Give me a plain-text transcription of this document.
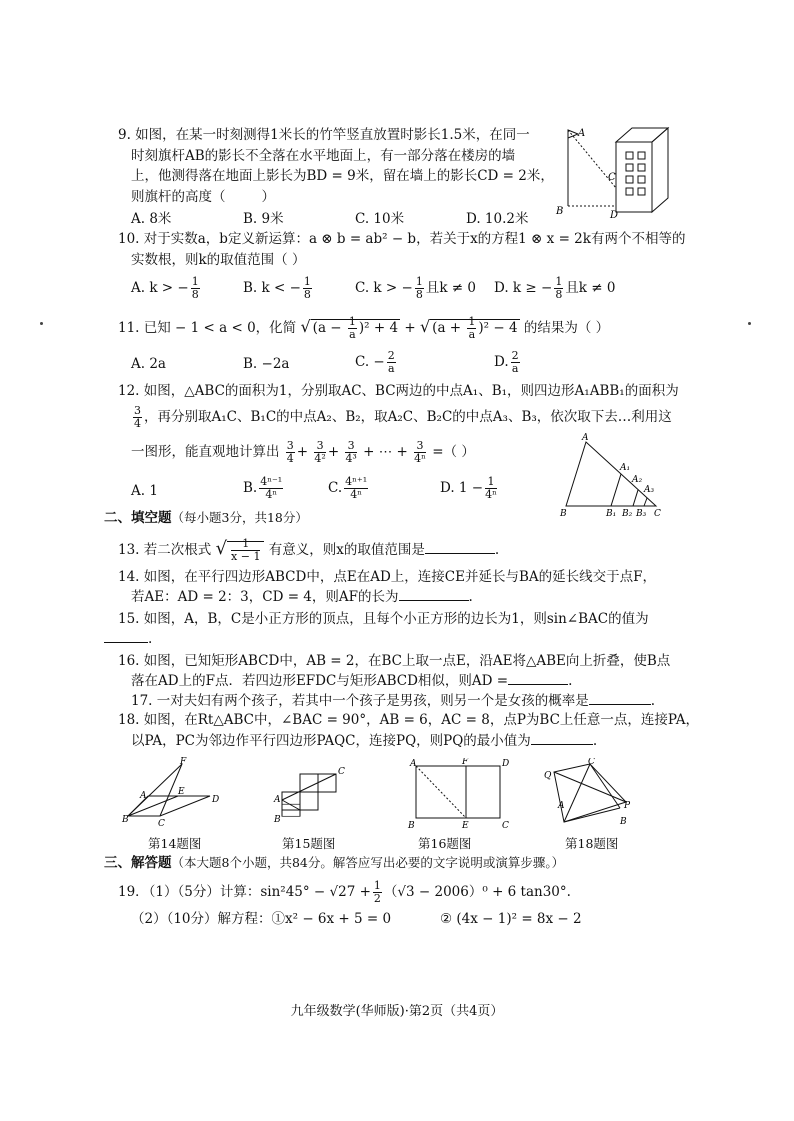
9. 如图，在某一时刻测得1米长的竹竿竖直放置时影长1.5米，在同一
时刻旗杆AB的影长不全落在水平地面上，有一部分落在楼房的墙
上，他测得落在地面上影长为BD = 9米，留在墙上的影长CD = 2米，
则旗杆的高度（	）
A. 8米	B. 9米	C. 10米	D. 10.2米
A
B
C
D
10. 对于实数a，b定义新运算：a ⊗ b = ab² − b，若关于x的方程1 ⊗ x = 2k有两个不相等的
实数根，则k的取值范围（ ）
A. k > − $\frac{1}{8}$	B. k < − $\frac{1}{8}$	C. k > − $\frac{1}{8}$ 且k ≠ 0 D. k ≥ − $\frac{1}{8}$ 且k ≠ 0
11. 已知 − 1 < a < 0，化简 √ $(a - \frac{1}{a} )^2 + 4$ + √ $(a + \frac{1}{a} )^2 - 4$ 的结果为（ ）
A. 2a	B. −2a	C. − $\frac{2}{a}$	D. $\frac{2}{a}$
12. 如图，△ABC的面积为1，分别取AC、BC两边的中点A₁、B₁，则四边形A₁ABB₁的面积为
$\frac{3}{4}$ ，再分别取A₁C、B₁C的中点A₂、B₂，取A₂C、B₂C的中点A₃、B₃，依次取下去…利用这
一图形，能直观地计算出 $\frac{3}{4} + \frac{3}{\text{4²}} + \frac{3}{\text{4³}}$ + ⋯ + $\frac{3}{\text{4ⁿ}}$ =（ ）
A. 1	B. $\frac{\text{4ⁿ⁻¹}}{\text{4ⁿ}}$	C. $\frac{\text{4ⁿ⁺¹}}{\text{4ⁿ}}$	D. $1 - \frac{1}{\text{4ⁿ}}$
A
A₁
A₂
A₃
B	B₁ B₂ B₃ C
二、填空题（每小题3分，共18分）
13. 若二次根式 √ $\frac{1}{x - 1}$ 有意义，则x的取值范围是	.
14. 如图，在平行四边形ABCD中，点E在AD上，连接CE并延长与BA的延长线交于点F，
若AE：AD = 2：3，CD = 4，则AF的长为	.
15. 如图，A，B，C是小正方形的顶点，且每个小正方形的边长为1，则sin∠BAC的值为
.
16. 如图，已知矩形ABCD中，AB = 2，在BC上取一点E，沿AE将△ABE向上折叠，使B点
落在AD上的F点．若四边形EFDC与矩形ABCD相似，则AD =	.
17. 一对夫妇有两个孩子，若其中一个孩子是男孩，则另一个是女孩的概率是	.
18. 如图，在Rt△ABC中，∠BAC = 90°，AB = 6，AC = 8，点P为BC上任意一点，连接PA，
以PA，PC为邻边作平行四边形PAQC，连接PQ，则PQ的最小值为	.
F
A	E
D
B	C
C
A
B
A	F	D
B	E	C
C
Q
A	P
B
第14题图	第15题图	第16题图	第18题图
三、解答题（本大题8个小题，共84分。解答应写出必要的文字说明或演算步骤。）
19．（1）（5分）计算：$\sin^245^\circ - √27 + \frac{1}{2} (√3 - 2006)^0 + 6$ tan30°.
（2）（10分）解方程：①x² − 6x + 5 = 0	② (4x − 1)² = 8x − 2
九年级数学(华师版)·第2页（共4页）
